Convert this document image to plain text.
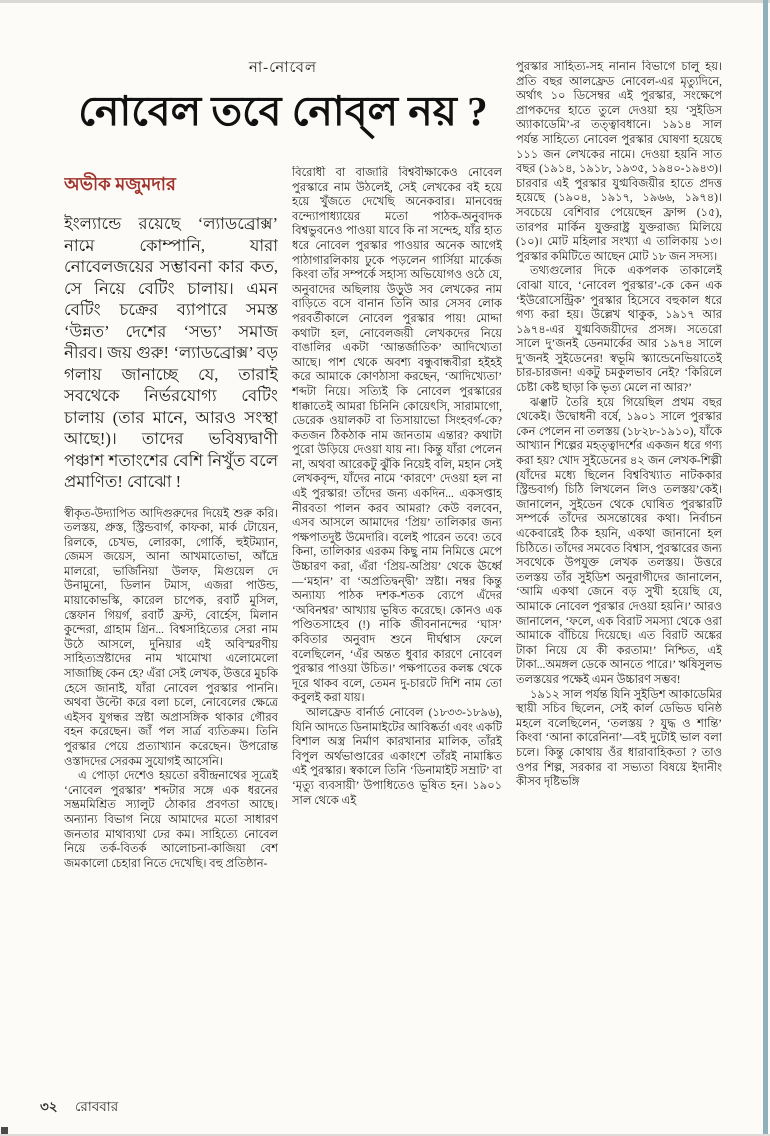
না-নোবেল
নোবেল তবে নোব্‌ল নয় ?
অভীক মজুমদার

ইংল্যান্ডে রয়েছে ‘ল্যাডব্রোক্স’ নামে কোম্পানি, যারা নোবেলজয়ের সম্ভাবনা কার কত, সে নিয়ে বেটিং চালায়। এমন বেটিং চক্রের ব্যাপারে সমস্ত ‘উন্নত’ দেশের ‘সভ্য’ সমাজ নীরব। জয় গুরু! ‘ল্যাডব্রোক্স’ বড় গলায় জানাচ্ছে যে, তারাই সবথেকে নির্ভরযোগ্য বেটিং চালায় (তার মানে, আরও সংস্থা আছে!)। তাদের ভবিষ্যদ্বাণী পঞ্চাশ শতাংশের বেশি নিখুঁত বলে প্রমাণিত! বোঝো !

স্বীকৃত-উদ্যাপিত আদিগুরুদের দিয়েই শুরু করি। তলস্তয়, প্রুস্ত, স্ট্রিন্ডবার্গ, কাফকা, মার্ক টোয়েন, রিলকে, চেখভ, লোরকা, গোর্কি, হুইটম্যান, জেমস জয়েস, আনা আখমাতোভা, আঁদ্রে মালরো, ভার্জিনিয়া উলফ, মিগুয়েল দে উনামুনো, ডিলান টমাস, এজরা পাউন্ড, মায়াকোভস্কি, কারেল চাপেক, রবার্ট মুসিল, স্তেফান গিয়র্গ, রবার্ট ফ্রস্ট, বোর্হেস, মিলান কুন্দেরা, গ্রাহাম গ্রিন... বিশ্বসাহিত্যের সেরা নাম উঠে আসলে, দুনিয়ার এই অবিস্মরণীয় সাহিত্যস্রষ্টাদের নাম খামোখা এলোমেলো সাজাচ্ছি কেন হে? এঁরা সেই লেখক, উত্তরে মুচকি হেসে জানাই, যাঁরা নোবেল পুরস্কার পাননি। অথবা উল্টো করে বলা চলে, নোবেলের ক্ষেত্রে এইসব যুগন্ধর স্রষ্টা অপ্রাসঙ্গিক থাকার গৌরব বহন করেছেন। জাঁ পল সার্ত্র ব্যতিক্রম। তিনি পুরস্কার পেয়ে প্রত্যাখ্যান করেছেন। উপরোন্ত ওস্তাদদের সেরকম সুযোগই আসেনি।

এ পোড়া দেশেও হয়তো রবীন্দ্রনাথের সূত্রেই ‘নোবেল পুরস্কার’ শব্দটার সঙ্গে এক ধরনের সম্ভ্রমমিশ্রিত স্যালুট ঠোকার প্রবণতা আছে। অন্যান্য বিভাগ নিয়ে আমাদের মতো সাধারণ জনতার মাথাব্যথা ঢের কম। সাহিত্যে নোবেল নিয়ে তর্ক-বিতর্ক আলোচনা-কাজিয়া বেশ জমকালো চেহারা নিতে দেখেছি। বহু প্রতিষ্ঠান-

বিরোধী বা বাজারি বিশ্ববীক্ষাকেও নোবেল পুরস্কারে নাম উঠলেই, সেই লেখকের বই হয়ে হয়ে খুঁজতে দেখেছি অনেকবার। মানবেন্দ্র বন্দ্যোপাধ্যায়ের মতো পাঠক-অনুবাদক বিশ্বভুবনেও পাওয়া যাবে কি না সন্দেহ, যাঁর হাত ধরে নোবেল পুরস্কার পাওয়ার অনেক আগেই পাঠাগারলিকায় ঢুকে পড়লেন গার্সিয়া মার্কেজ কিংবা তাঁর সম্পর্কে সহাস্য অভিযোগও ওঠে যে, অনুবাদের অছিলায় উড়ুউ সব লেখকের নাম বাড়িতে বসে বানান তিনি আর সেসব লোক পরবর্তীকালে নোবেল পুরস্কার পায়! মোদ্দা কথাটা হল, নোবেলজয়ী লেখকদের নিয়ে বাঙালির একটা ‘আন্তর্জাতিক’ আদিখ্যেতা আছে। পাশ থেকে অবশ্য বন্ধুবান্ধবীরা হইহই করে আমাকে কোণঠাসা করছেন, ‘আদিখ্যেতা’ শব্দটা নিয়ে। সত্যিই কি নোবেল পুরস্কারের ধাক্কাতেই আমরা চিনিনি কোয়েৎসি, সারামাগো, ডেরেক ওয়ালকট বা তিসায়াভো সিংহবর্গ-কে? কতজন ঠিকঠাক নাম জানতাম এন্তার? কথাটা পুরো উড়িয়ে দেওয়া যায় না। কিন্তু যাঁরা পেলেন না, অথবা আরেকটু ঝুঁকি নিয়েই বলি, মহান সেই লেখকবৃন্দ, যাঁদের নামে ‘কারণে’ দেওয়া হল না এই পুরস্কার! তাঁদের জন্য একদিন... একসপ্তাহ নীরবতা পালন করব আমরা? কেউ বলবেন, এসব আসলে আমাদের ‘প্রিয়’ তালিকার জন্য পক্ষপাতদুষ্ট উমেদারি। বলেই পারেন তবে! তবে কিনা, তালিকার এরকম কিছু নাম নিমিত্তে মেপে উচ্চারণ করা, এঁরা ‘প্রিয়-অপ্রিয়’ থেকে ঊর্ধ্বে—‘মহান’ বা ‘অপ্রতিদ্বন্দ্বী’ স্রষ্টা। নম্বর কিন্তু অন্যায্য পাঠক দশক-শতক ব্যেপে এঁদের ‘অবিনশ্বর’ আখ্যায় ভূষিত করেছে। কোনও এক পণ্ডিতসাহেব (!) নাকি জীবনানন্দের ‘ঘাস’ কবিতার অনুবাদ শুনে দীর্ঘশ্বাস ফেলে বলেছিলেন, ‘এঁর অন্তত ধুবার কারণে নোবেল পুরস্কার পাওয়া উচিত।’ পক্ষপাতের কলঙ্ক থেকে দূরে থাকব বলে, তেমন দু-চারটে দিশি নাম তো কবুলই করা যায়।

আলফ্রেড বার্নার্ড নোবেল (১৮৩৩-১৮৯৬), যিনি আদতে ডিনামাইটের আবিষ্কর্তা এবং একটি বিশাল অস্ত্র নির্মাণ কারখানার মালিক, তাঁরই বিপুল অর্থভাণ্ডারের একাংশে তাঁরই নামাঙ্কিত এই পুরস্কার। স্বকালে তিনি ‘ডিনামাইট সম্রাট’ বা ‘মৃত্যু ব্যবসায়ী’ উপাধিতেও ভূষিত হন। ১৯০১ সাল থেকে এই

পুরস্কার সাহিত্য-সহ নানান বিভাগে চালু হয়। প্রতি বছর আলফ্রেড নোবেল-এর মৃত্যুদিনে, অর্থাৎ ১০ ডিসেম্বর এই পুরস্কার, সংক্ষেপে প্রাপকদের হাতে তুলে দেওয়া হয় ‘সুইডিস অ্যাকাডেমি’-র তত্ত্বাবধানে। ১৯১৪ সাল পর্যন্ত সাহিত্যে নোবেল পুরস্কার ঘোষণা হয়েছে ১১১ জন লেখকের নামে। দেওয়া হয়নি সাত বছর (১৯১৪, ১৯১৮, ১৯৩৫, ১৯৪০-১৯৪৩)। চারবার এই পুরস্কার যুগ্মবিজয়ীর হাতে প্রদত্ত হয়েছে (১৯০৪, ১৯১৭, ১৯৬৬, ১৯৭৪)। সবচেয়ে বেশিবার পেয়েছেন ফ্রান্স (১৫), তারপর মার্কিন যুক্তরাষ্ট্র যুক্তরাজ্য মিলিয়ে (১০)। মোট মহিলার সংখ্যা এ তালিকায় ১৩। পুরস্কার কমিটিতে আছেন মোট ১৮ জন সদস্য।

তথ্যগুলোর দিকে একপলক তাকালেই বোঝা যাবে, ‘নোবেল পুরস্কার’-কে কেন এক ‘ইউরোসেন্ট্রিক’ পুরস্কার হিসেবে বহুকাল ধরে গণ্য করা হয়। উল্লেখ থাকুক, ১৯১৭ আর ১৯৭৪-এর যুগ্মবিজয়ীদের প্রসঙ্গ। সতেরো সালে দু’জনই ডেনমার্কের আর ১৯৭৪ সালে দু’জনই সুইডেনের! স্বভূমি স্ক্যান্ডেনেভিয়াতেই চার-চারজন! একটু চমকুলভাব নেই? ‘কিরিলে চেষ্টা কেষ্ট ছাড়া কি ভৃত্য মেলে না আর?’

ঝঞ্ঝাট তৈরি হয়ে গিয়েছিল প্রথম বছর থেকেই। উদ্বোধনী বর্ষে, ১৯০১ সালে পুরস্কার কেন পেলেন না তলস্তয় (১৮২৮-১৯১০), যাঁকে আখ্যান শিল্পের মহত্ত্বাদর্শের একজন ধরে গণ্য করা হয়? খোদ সুইডেনের ৪২ জন লেখক-শিল্পী (যাঁদের মধ্যে ছিলেন বিশ্ববিখ্যাত নাটককার স্ট্রিন্ডবার্গ) চিঠি লিখলেন লিও তলস্তয়’কেই। জানালেন, সুইডেন থেকে ঘোষিত পুরস্কারটি সম্পর্কে তাঁদের অসন্তোষের কথা। নির্বাচন একেবারেই ঠিক হয়নি, একথা জানানো হল চিঠিতে। তাঁদের সমবেত বিশ্বাস, পুরস্কারের জন্য সবথেকে উপযুক্ত লেখক তলস্তয়। উত্তরে তলস্তয় তাঁর সুইডিশ অনুরাগীদের জানালেন, ‘আমি একথা জেনে বড় সুখী হয়েছি যে, আমাকে নোবেল পুরস্কার দেওয়া হয়নি।’ আরও জানালেন, ‘ফলে, এক বিরাট সমস্যা থেকে ওরা আমাকে বাঁচিয়ে দিয়েছে। এত বিরাট অঙ্কের টাকা নিয়ে যে কী করতাম!’ নিশ্চিত, এই টাকা...অমঙ্গল ডেকে আনতে পারে।’ ঋষিসুলভ তলস্তয়ের পক্ষেই এমন উচ্চারণ সম্ভব!

১৯১২ সাল পর্যন্ত যিনি সুইডিশ আকাডেমির স্থায়ী সচিব ছিলেন, সেই কার্ল ডেভিড ঘনিষ্ঠ মহলে বলেছিলেন, ‘তলস্তয় ? যুদ্ধ ও শান্তি’ কিংবা ‘আনা কারেনিনা’—বই দুটোই ভাল বলা চলে। কিন্তু কোথায় ওঁর ধারাবাহিকতা ? তাও ওপর শিল্প, সরকার বা সভ্যতা বিষয়ে ইদানীং কীসব দৃষ্টিভঙ্গি

৩২ রোববার
